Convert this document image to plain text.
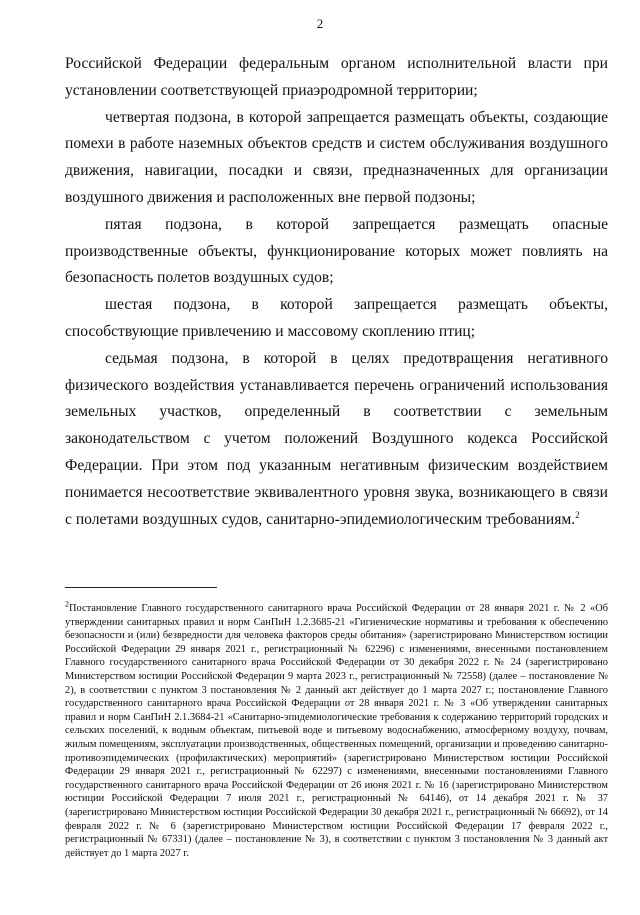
2

Российской Федерации федеральным органом исполнительной власти при установлении соответствующей приаэродромной территории;

четвертая подзона, в которой запрещается размещать объекты, создающие помехи в работе наземных объектов средств и систем обслуживания воздушного движения, навигации, посадки и связи, предназначенных для организации воздушного движения и расположенных вне первой подзоны;

пятая подзона, в которой запрещается размещать опасные производственные объекты, функционирование которых может повлиять на безопасность полетов воздушных судов;

шестая подзона, в которой запрещается размещать объекты, способствующие привлечению и массовому скоплению птиц;

седьмая подзона, в которой в целях предотвращения негативного физического воздействия устанавливается перечень ограничений использования земельных участков, определенный в соответствии с земельным законодательством с учетом положений Воздушного кодекса Российской Федерации. При этом под указанным негативным физическим воздействием понимается несоответствие эквивалентного уровня звука, возникающего в связи с полетами воздушных судов, санитарно-эпидемиологическим требованиям.$^2$

$^2$Постановление Главного государственного санитарного врача Российской Федерации от 28 января 2021 г. № 2 «Об утверждении санитарных правил и норм СанПиН 1.2.3685-21 «Гигиенические нормативы и требования к обеспечению безопасности и (или) безвредности для человека факторов среды обитания» (зарегистрировано Министерством юстиции Российской Федерации 29 января 2021 г., регистрационный № 62296) с изменениями, внесенными постановлением Главного государственного санитарного врача Российской Федерации от 30 декабря 2022 г. № 24 (зарегистрировано Министерством юстиции Российской Федерации 9 марта 2023 г., регистрационный № 72558) (далее – постановление № 2), в соответствии с пунктом 3 постановления № 2 данный акт действует до 1 марта 2027 г.; постановление Главного государственного санитарного врача Российской Федерации от 28 января 2021 г. № 3 «Об утверждении санитарных правил и норм СанПиН 2.1.3684-21 «Санитарно-эпидемиологические требования к содержанию территорий городских и сельских поселений, к водным объектам, питьевой воде и питьевому водоснабжению, атмосферному воздуху, почвам, жилым помещениям, эксплуатации производственных, общественных помещений, организации и проведению санитарно-противоэпидемических (профилактических) мероприятий» (зарегистрировано Министерством юстиции Российской Федерации 29 января 2021 г., регистрационный № 62297) с изменениями, внесенными постановлениями Главного государственного санитарного врача Российской Федерации от 26 июня 2021 г. № 16 (зарегистрировано Министерством юстиции Российской Федерации 7 июля 2021 г., регистрационный № 64146), от 14 декабря 2021 г. № 37 (зарегистрировано Министерством юстиции Российской Федерации 30 декабря 2021 г., регистрационный № 66692), от 14 февраля 2022 г. № 6 (зарегистрировано Министерством юстиции Российской Федерации 17 февраля 2022 г., регистрационный № 67331) (далее – постановление № 3), в соответствии с пунктом 3 постановления № 3 данный акт действует до 1 марта 2027 г.
